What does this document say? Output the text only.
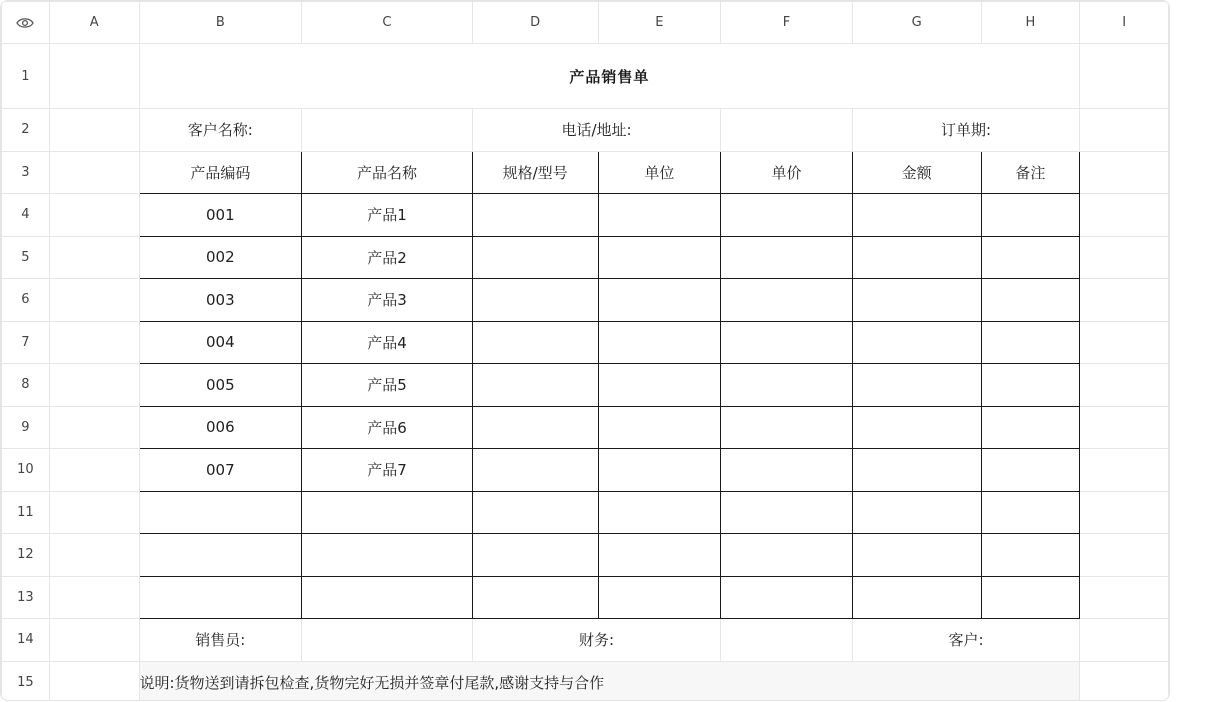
	A	B	C	D	E	F	G	H	I
1		产品销售单							
2		客户名称:		电话/地址:			订单期:		
3		产品编码	产品名称	规格/型号	单位	单价	金额	备注	
4		001	产品1						
5		002	产品2						
6		003	产品3						
7		004	产品4						
8		005	产品5						
9		006	产品6						
10		007	产品7						
11									
12									
13									
14		销售员:		财务:			客户:		
15		说明:货物送到请拆包检查,货物完好无损并签章付尾款,感谢支持与合作							
